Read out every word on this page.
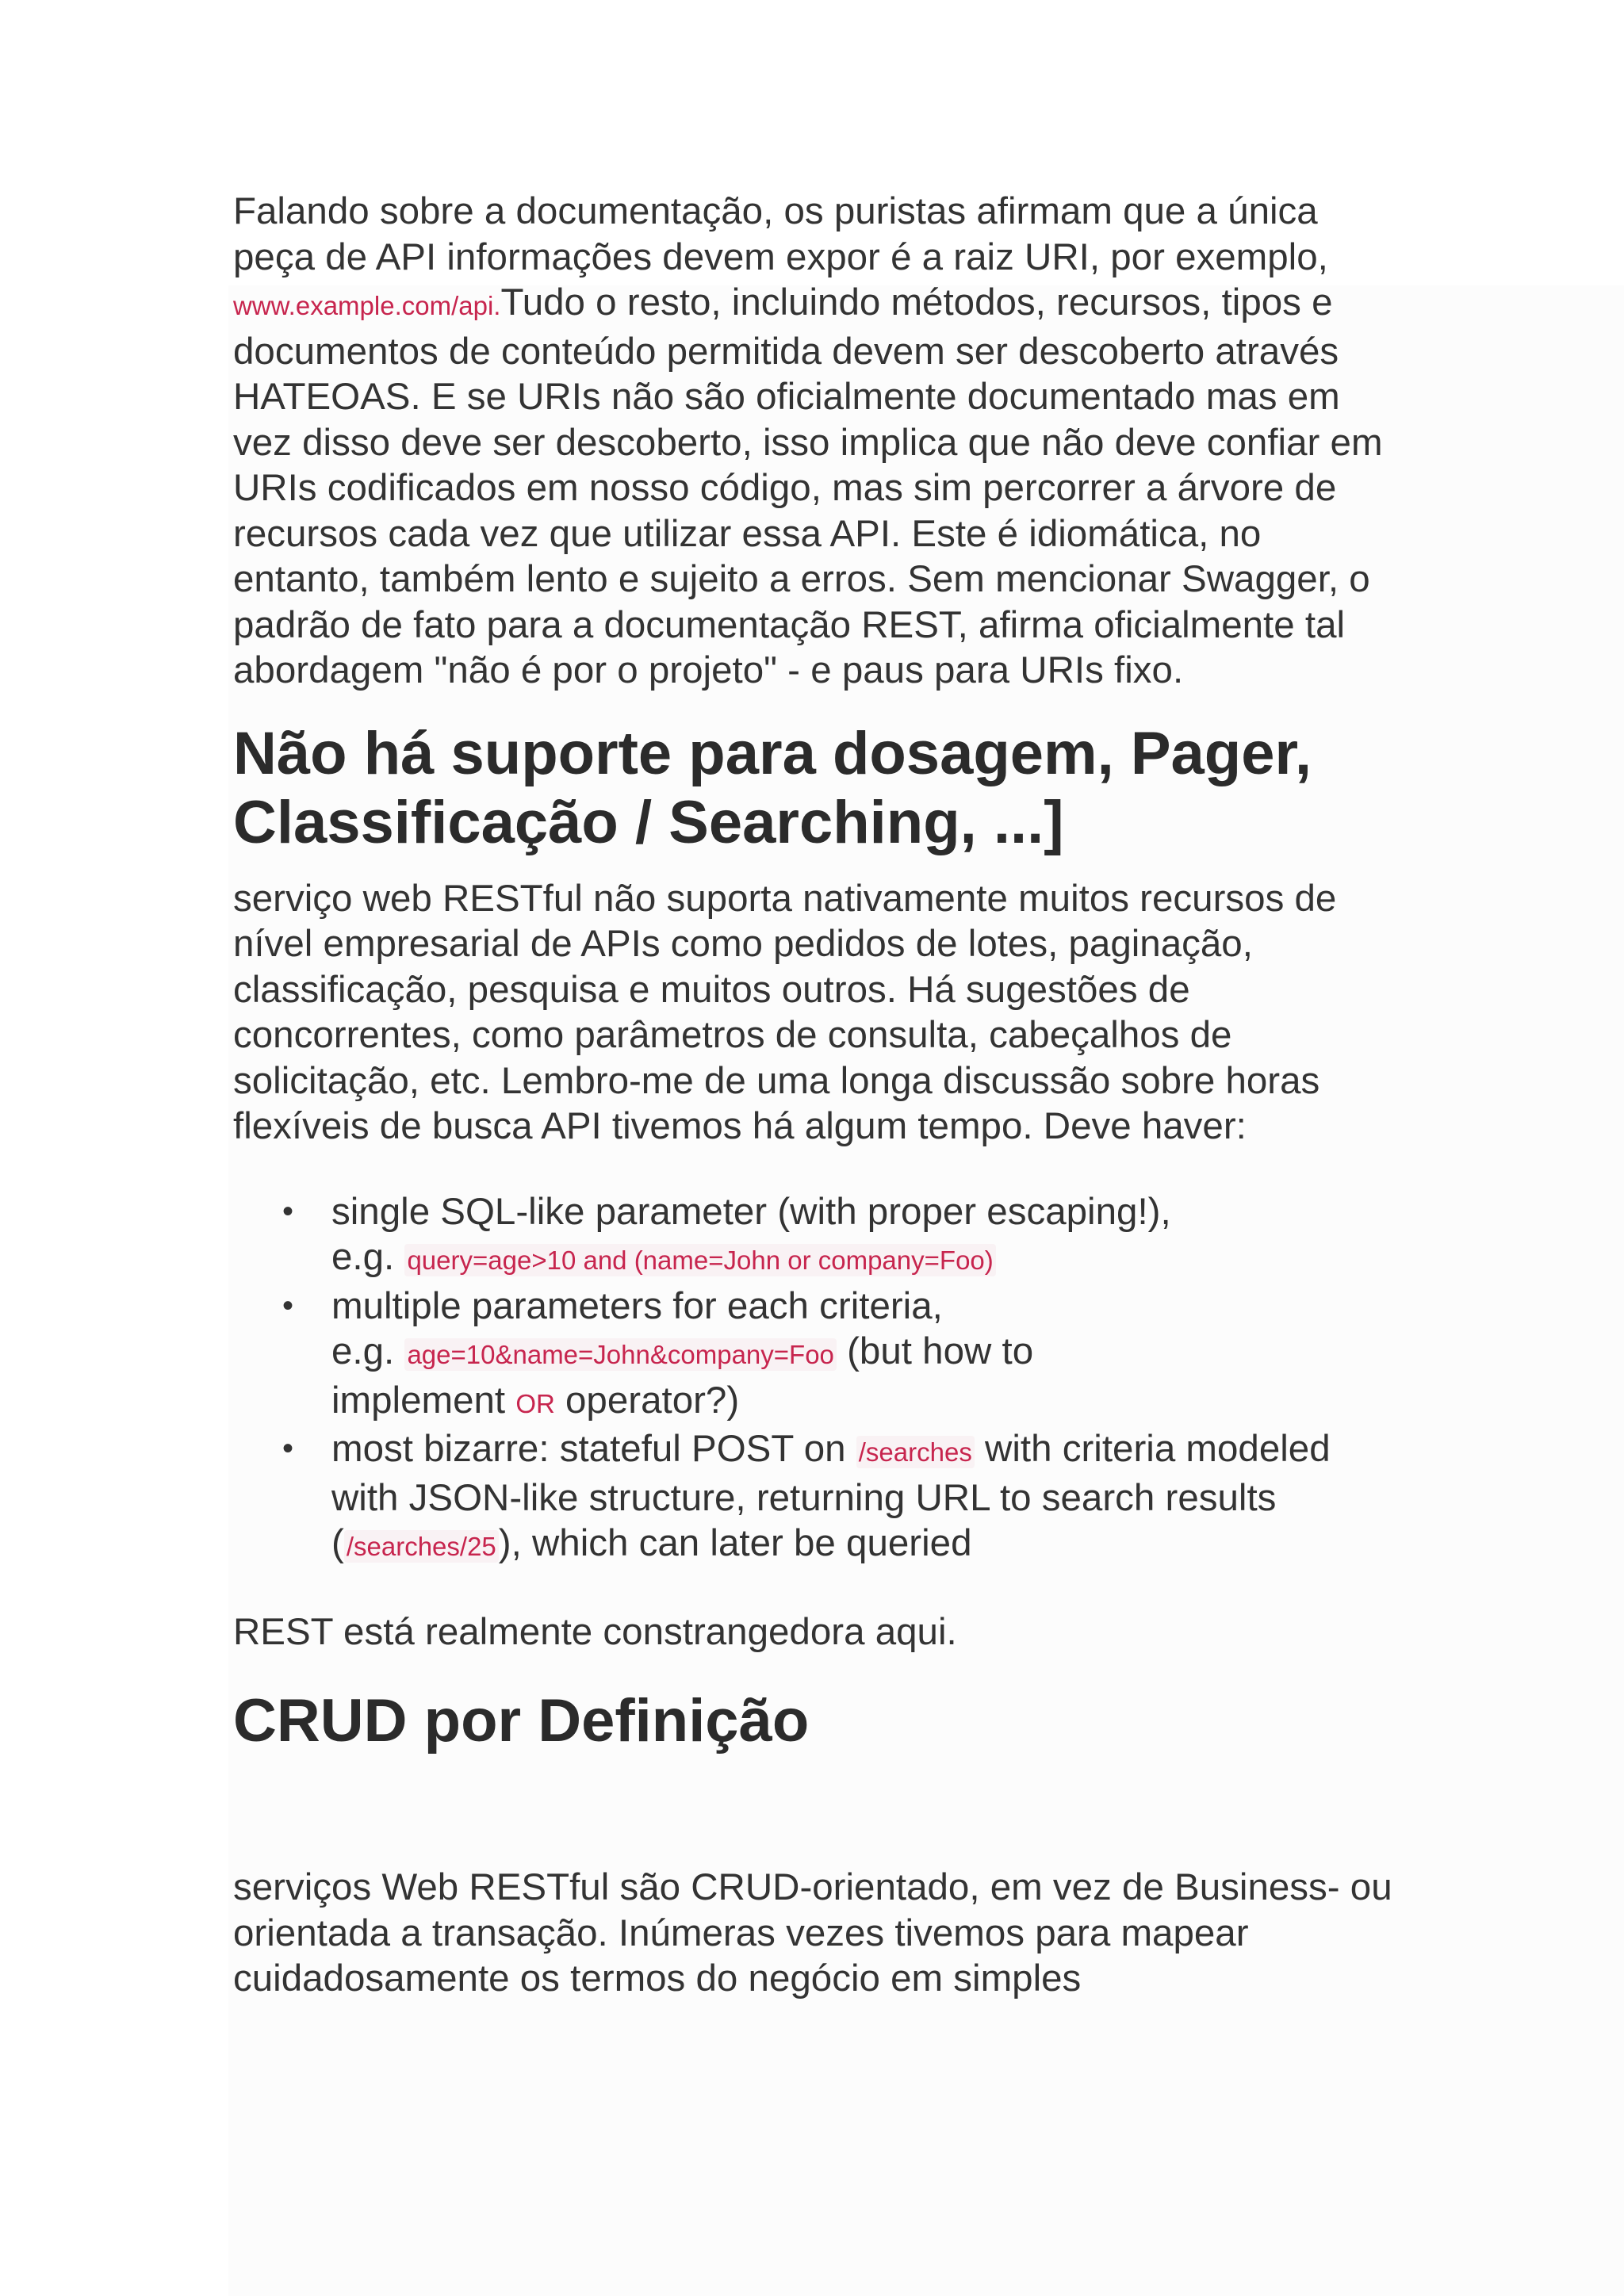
Falando sobre a documentação, os puristas afirmam que a única peça de API informações devem expor é a raiz URI, por exemplo, www.example.com/api.Tudo o resto, incluindo métodos, recursos, tipos e documentos de conteúdo permitida devem ser descoberto através HATEOAS. E se URIs não são oficialmente documentado mas em vez disso deve ser descoberto, isso implica que não deve confiar em URIs codificados em nosso código, mas sim percorrer a árvore de recursos cada vez que utilizar essa API. Este é idiomática, no entanto, também lento e sujeito a erros. Sem mencionar Swagger, o padrão de fato para a documentação REST, afirma oficialmente tal abordagem "não é por o projeto" - e paus para URIs fixo.

Não há suporte para dosagem, Pager,
Classificação / Searching, ...]

serviço web RESTful não suporta nativamente muitos recursos de nível empresarial de APIs como pedidos de lotes, paginação, classificação, pesquisa e muitos outros. Há sugestões de concorrentes, como parâmetros de consulta, cabeçalhos de solicitação, etc. Lembro-me de uma longa discussão sobre horas flexíveis de busca API tivemos há algum tempo. Deve haver:

• single SQL-like parameter (with proper escaping!),
e.g. query=age>10 and (name=John or company=Foo)
• multiple parameters for each criteria,
e.g. age=10&name=John&company=Foo (but how to
implement OR operator?)
• most bizarre: stateful POST on /searches with criteria modeled with JSON-like structure, returning URL to search results (/searches/25), which can later be queried

REST está realmente constrangedora aqui.

CRUD por Definição

serviços Web RESTful são CRUD-orientado, em vez de Business- ou orientada a transação. Inúmeras vezes tivemos para mapear cuidadosamente os termos do negócio em simples
